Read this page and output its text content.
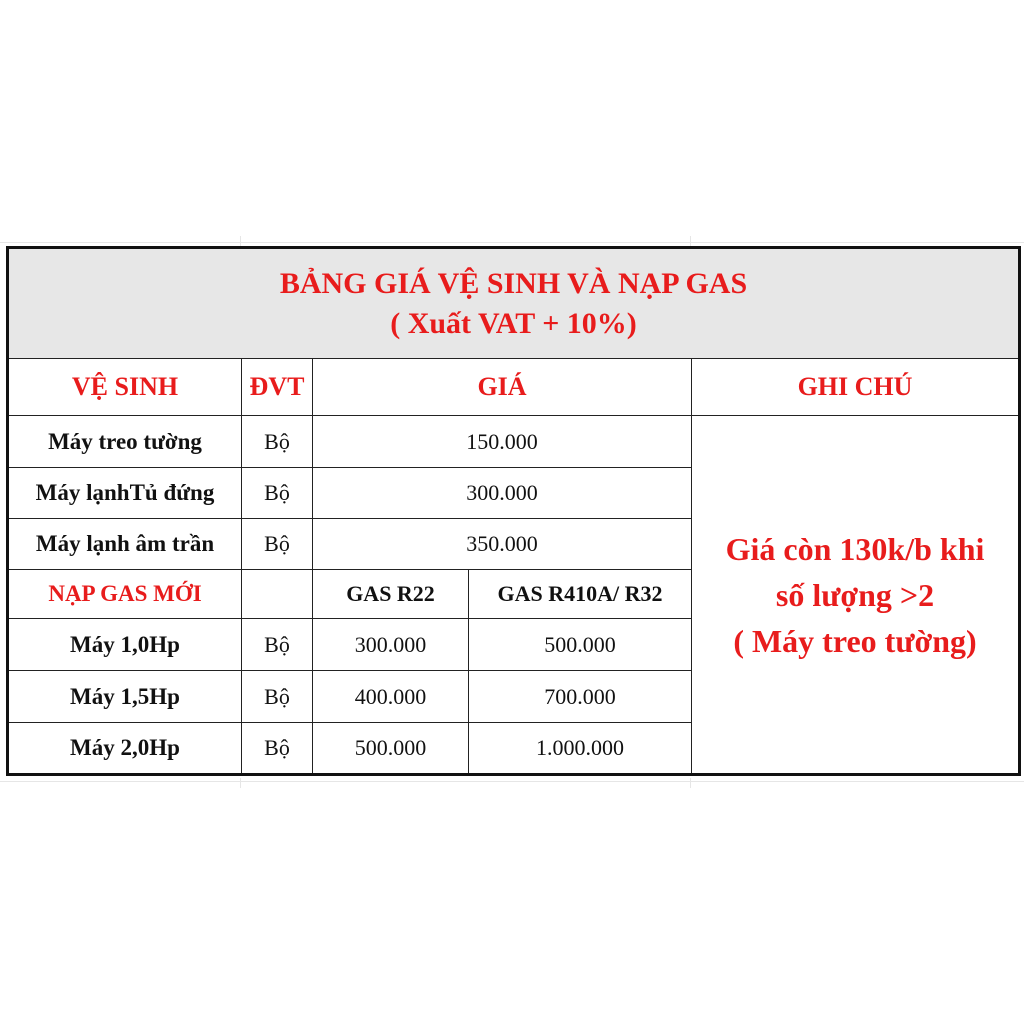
BẢNG GIÁ VỆ SINH VÀ NẠP GAS
( Xuất VAT + 10%)				

VỆ SINH	ĐVT	GIÁ		GHI CHÚ
Máy treo tường	Bộ	150.000		Giá còn 130k/b khi
số lượng >2
( Máy treo tường)

Máy lạnhTủ đứng	Bộ	300.000		
Máy lạnh âm trần	Bộ	350.000		
NẠP GAS MỚI		GAS R22	GAS R410A/ R32	
Máy 1,0Hp	Bộ	300.000	500.000	
Máy 1,5Hp	Bộ	400.000	700.000	
Máy 2,0Hp	Bộ	500.000	1.000.000	
